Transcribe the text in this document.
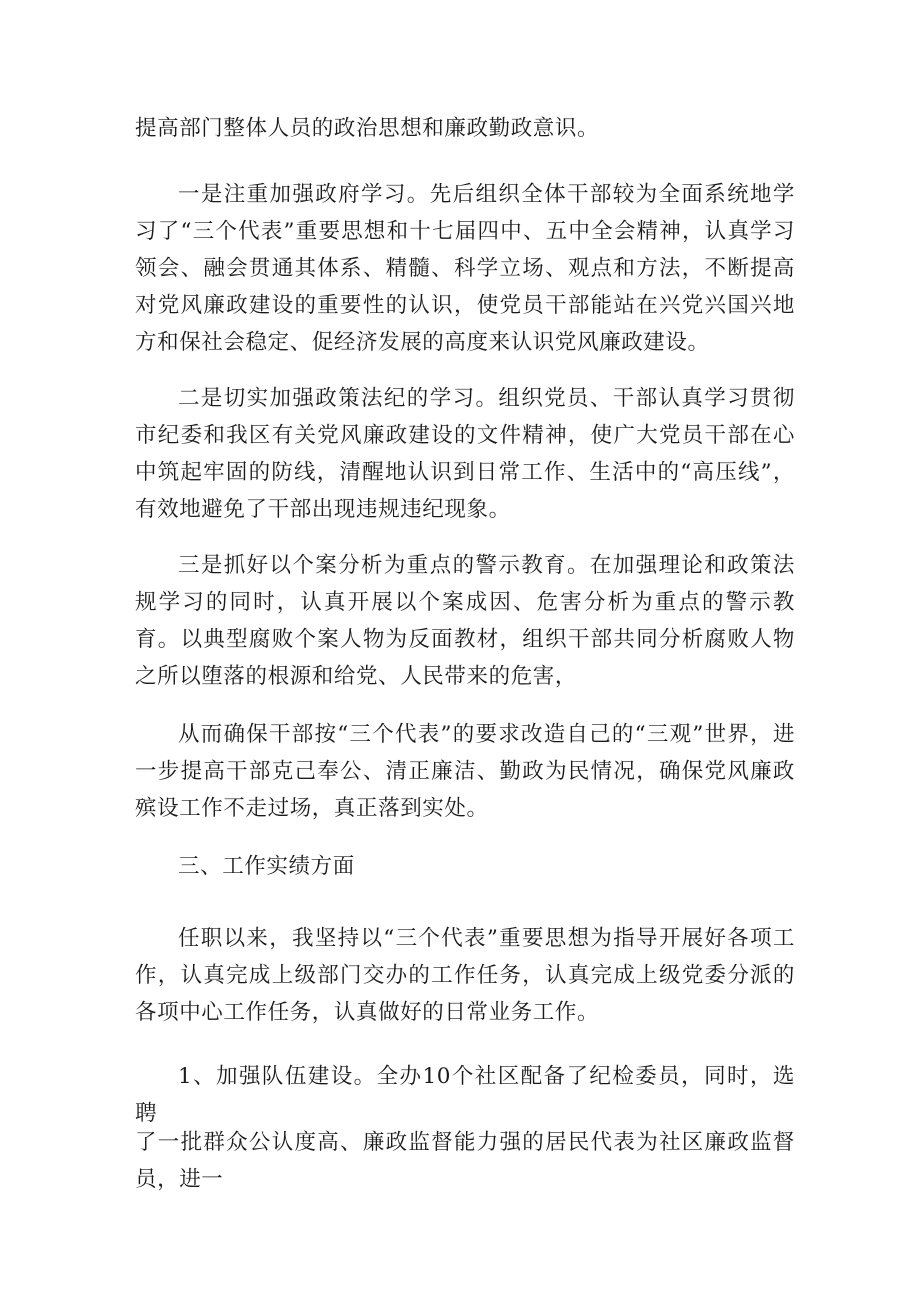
提高部门整体人员的政治思想和廉政勤政意识。

一是注重加强政府学习。先后组织全体干部较为全面系统地学习了“三个代表”重要思想和十七届四中、五中全会精神，认真学习领会、融会贯通其体系、精髓、科学立场、观点和方法，不断提高对党风廉政建设的重要性的认识，使党员干部能站在兴党兴国兴地方和保社会稳定、促经济发展的高度来认识党风廉政建设。

二是切实加强政策法纪的学习。组织党员、干部认真学习贯彻市纪委和我区有关党风廉政建设的文件精神，使广大党员干部在心中筑起牢固的防线，清醒地认识到日常工作、生活中的“高压线”，有效地避免了干部出现违规违纪现象。

三是抓好以个案分析为重点的警示教育。在加强理论和政策法规学习的同时，认真开展以个案成因、危害分析为重点的警示教育。以典型腐败个案人物为反面教材，组织干部共同分析腐败人物之所以堕落的根源和给党、人民带来的危害，

从而确保干部按“三个代表”的要求改造自己的“三观”世界，进一步提高干部克己奉公、清正廉洁、勤政为民情况，确保党风廉政殡设工作不走过场，真正落到实处。

三、工作实绩方面

任职以来，我坚持以“三个代表”重要思想为指导开展好各项工作，认真完成上级部门交办的工作任务，认真完成上级党委分派的各项中心工作任务，认真做好的日常业务工作。

1、加强队伍建设。全办10个社区配备了纪检委员，同时，选聘

了一批群众公认度高、廉政监督能力强的居民代表为社区廉政监督员，进一
